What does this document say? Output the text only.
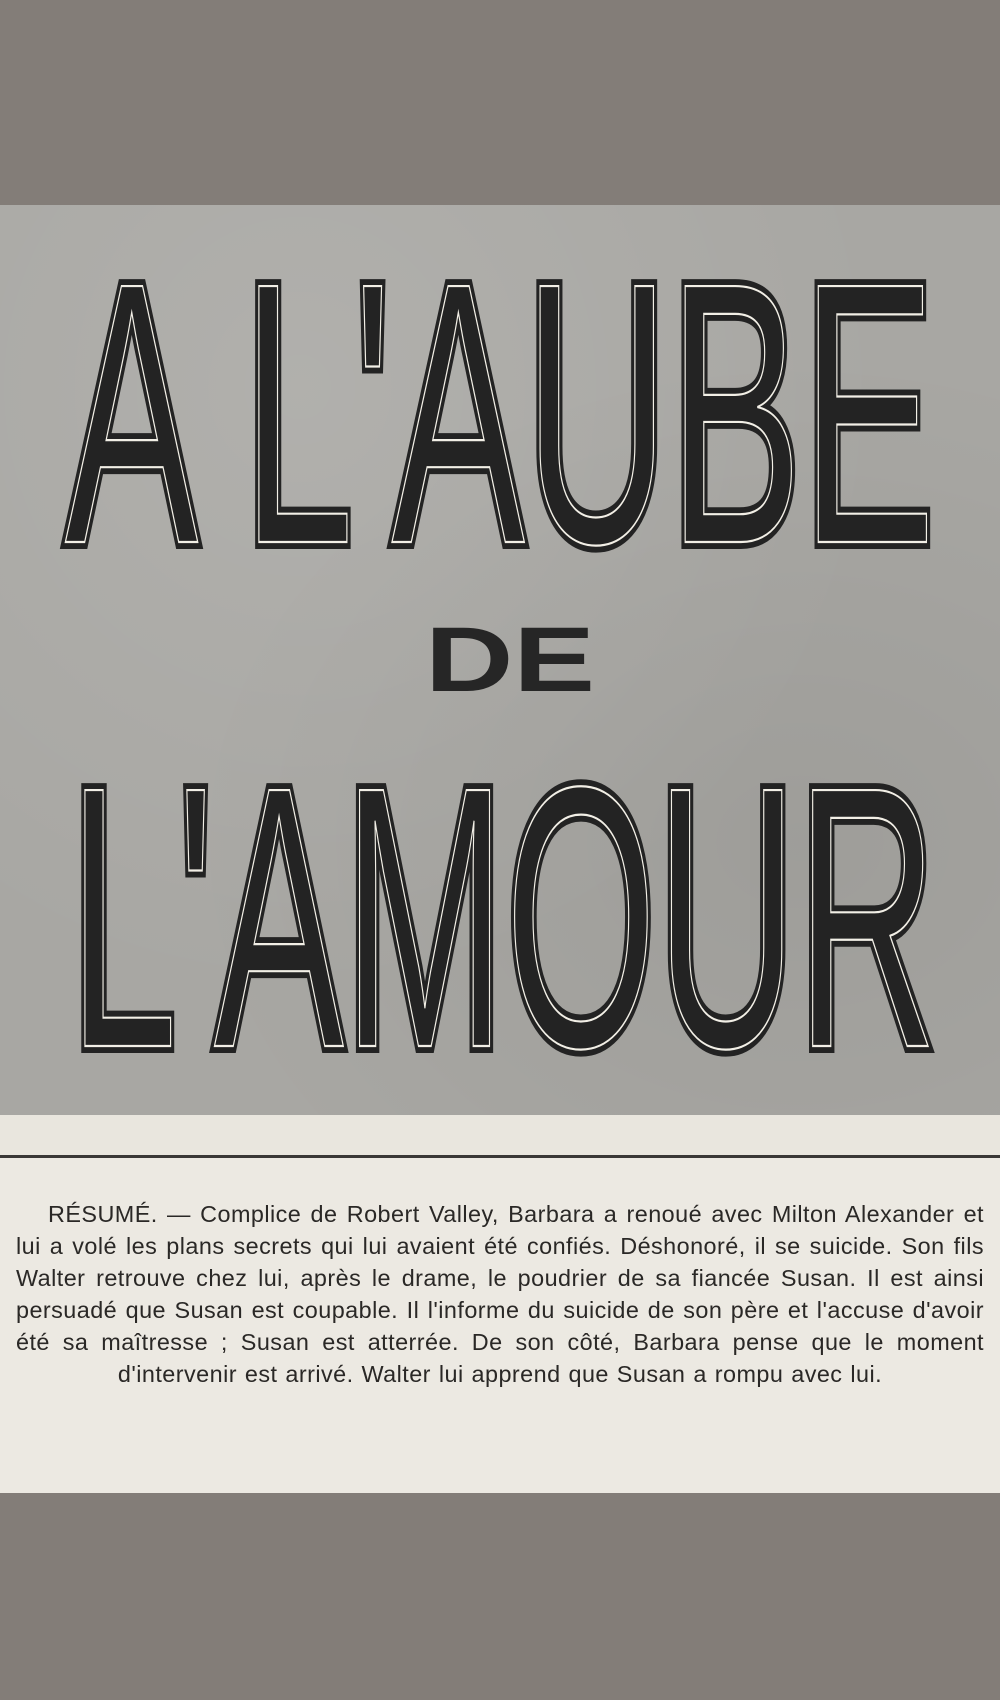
A L'AUBE
A L'AUBE
DE
L'AMOUR
L'AMOUR
RÉSUMÉ. — Complice de Robert Valley, Barbara a renoué avec Milton Alexander et lui a volé les plans secrets qui lui avaient été confiés. Déshonoré, il se suicide. Son fils Walter retrouve chez lui, après le drame, le poudrier de sa fiancée Susan. Il est ainsi persuadé que Susan est coupable. Il l'informe du suicide de son père et l'accuse d'avoir été sa maîtresse ; Susan est atterrée. De son côté, Barbara pense que le moment d'intervenir est arrivé. Walter lui apprend que Susan a rompu avec lui.
